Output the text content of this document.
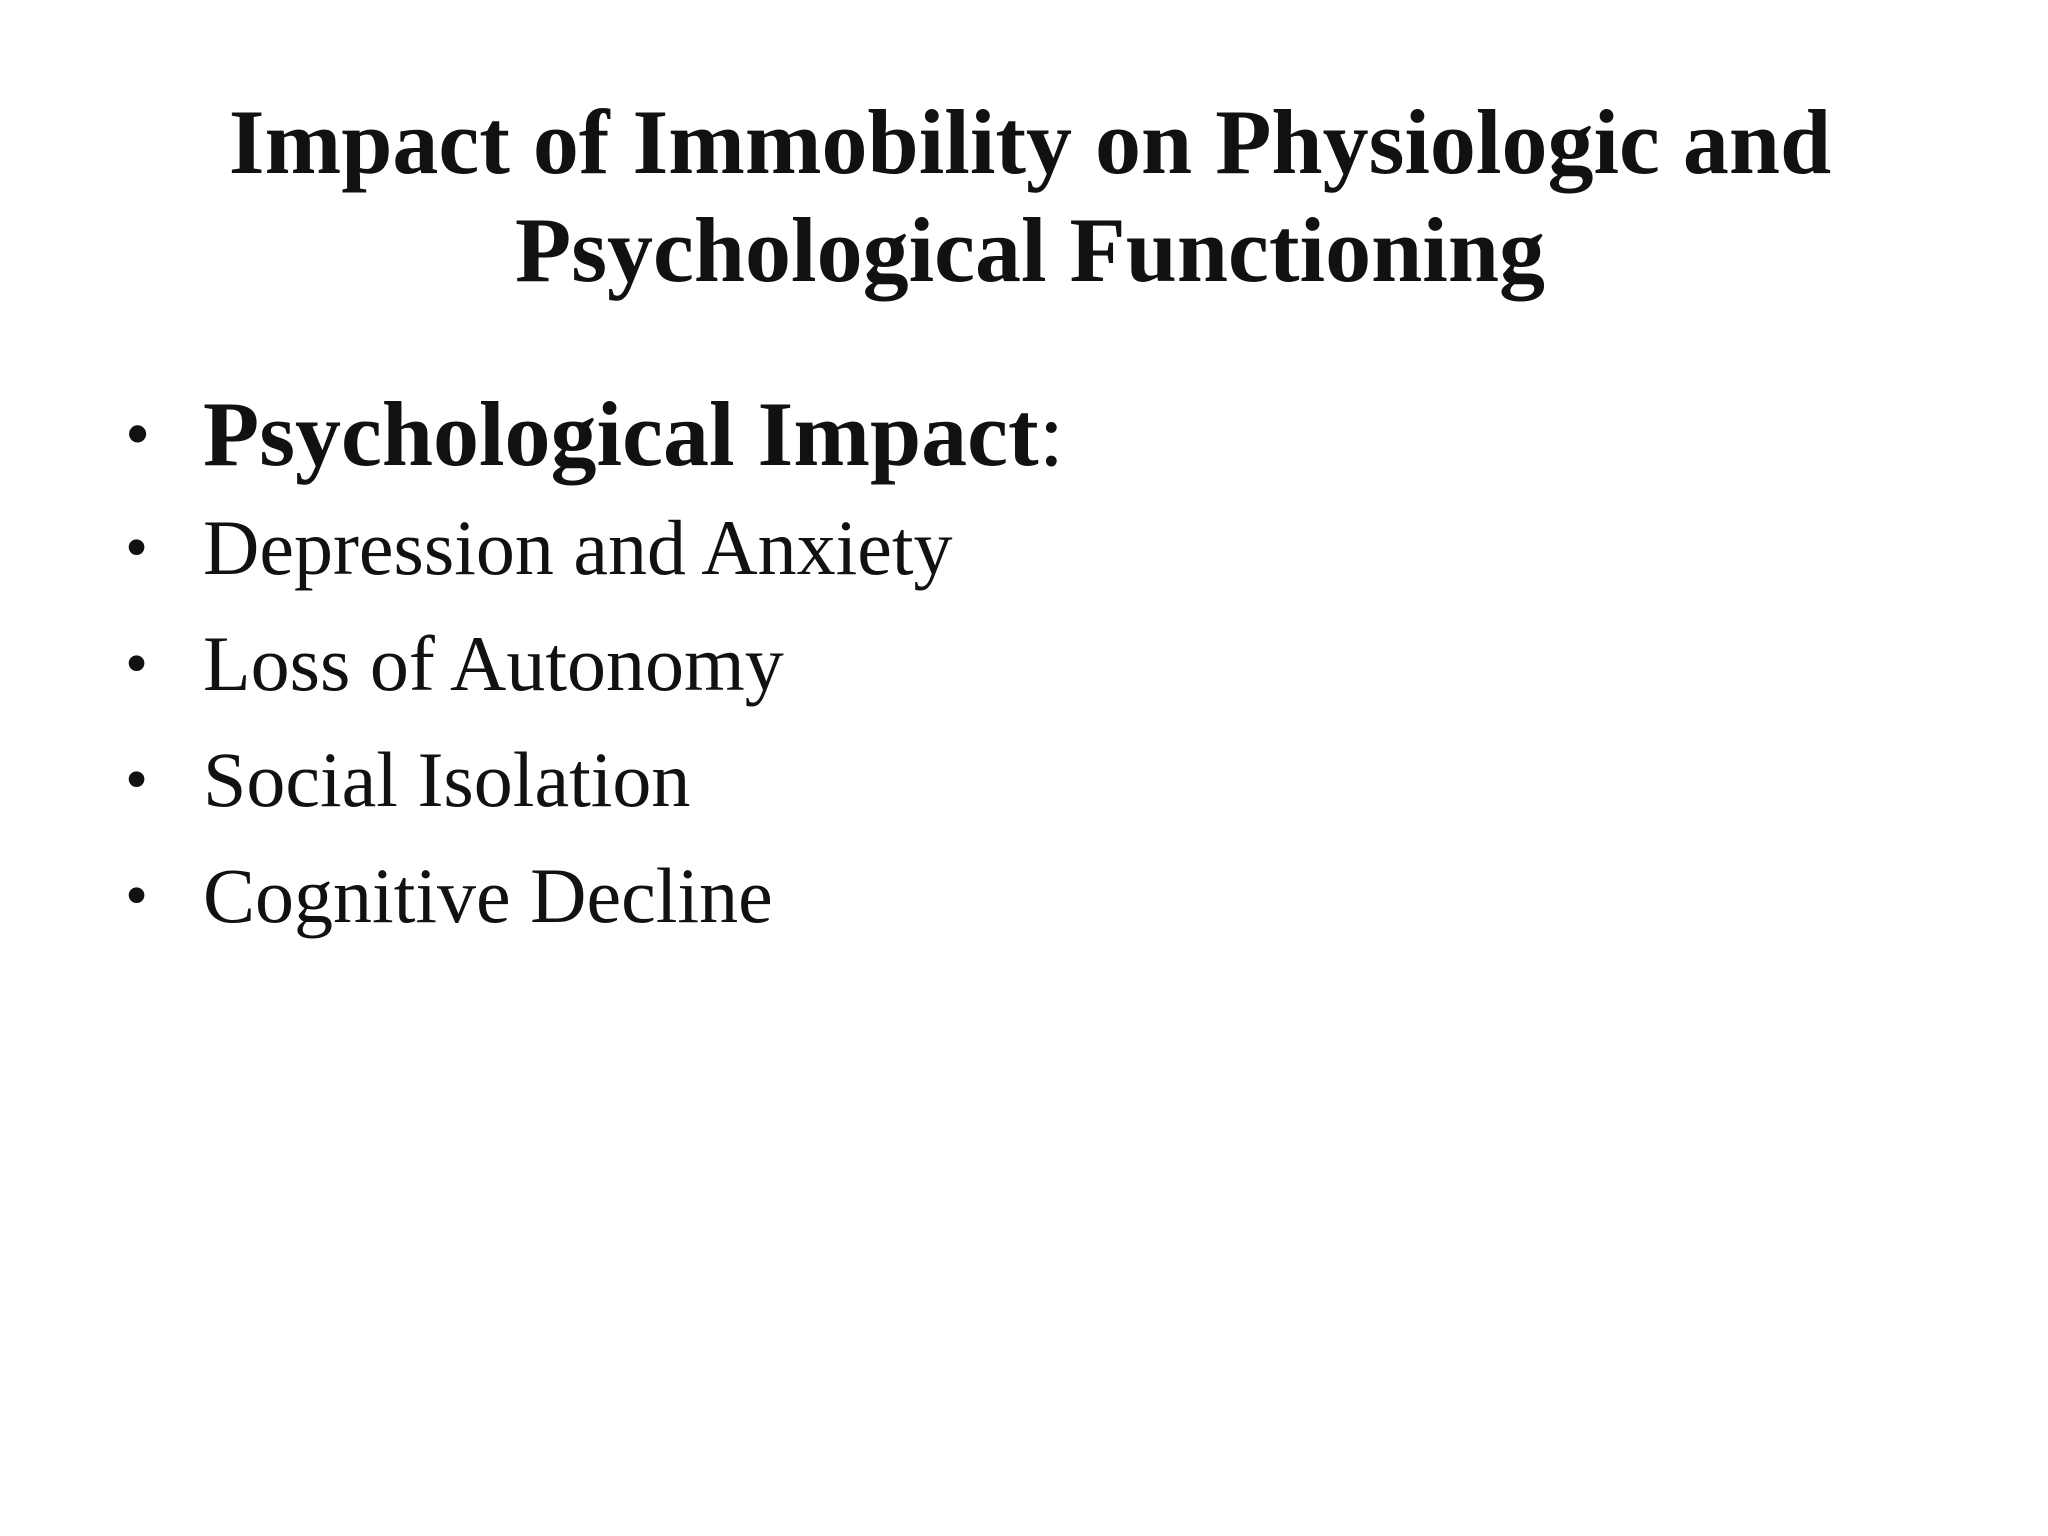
Impact of Immobility on Physiologic and
Psychological Functioning
• Psychological Impact:
• Depression and Anxiety
• Loss of Autonomy
• Social Isolation
• Cognitive Decline
